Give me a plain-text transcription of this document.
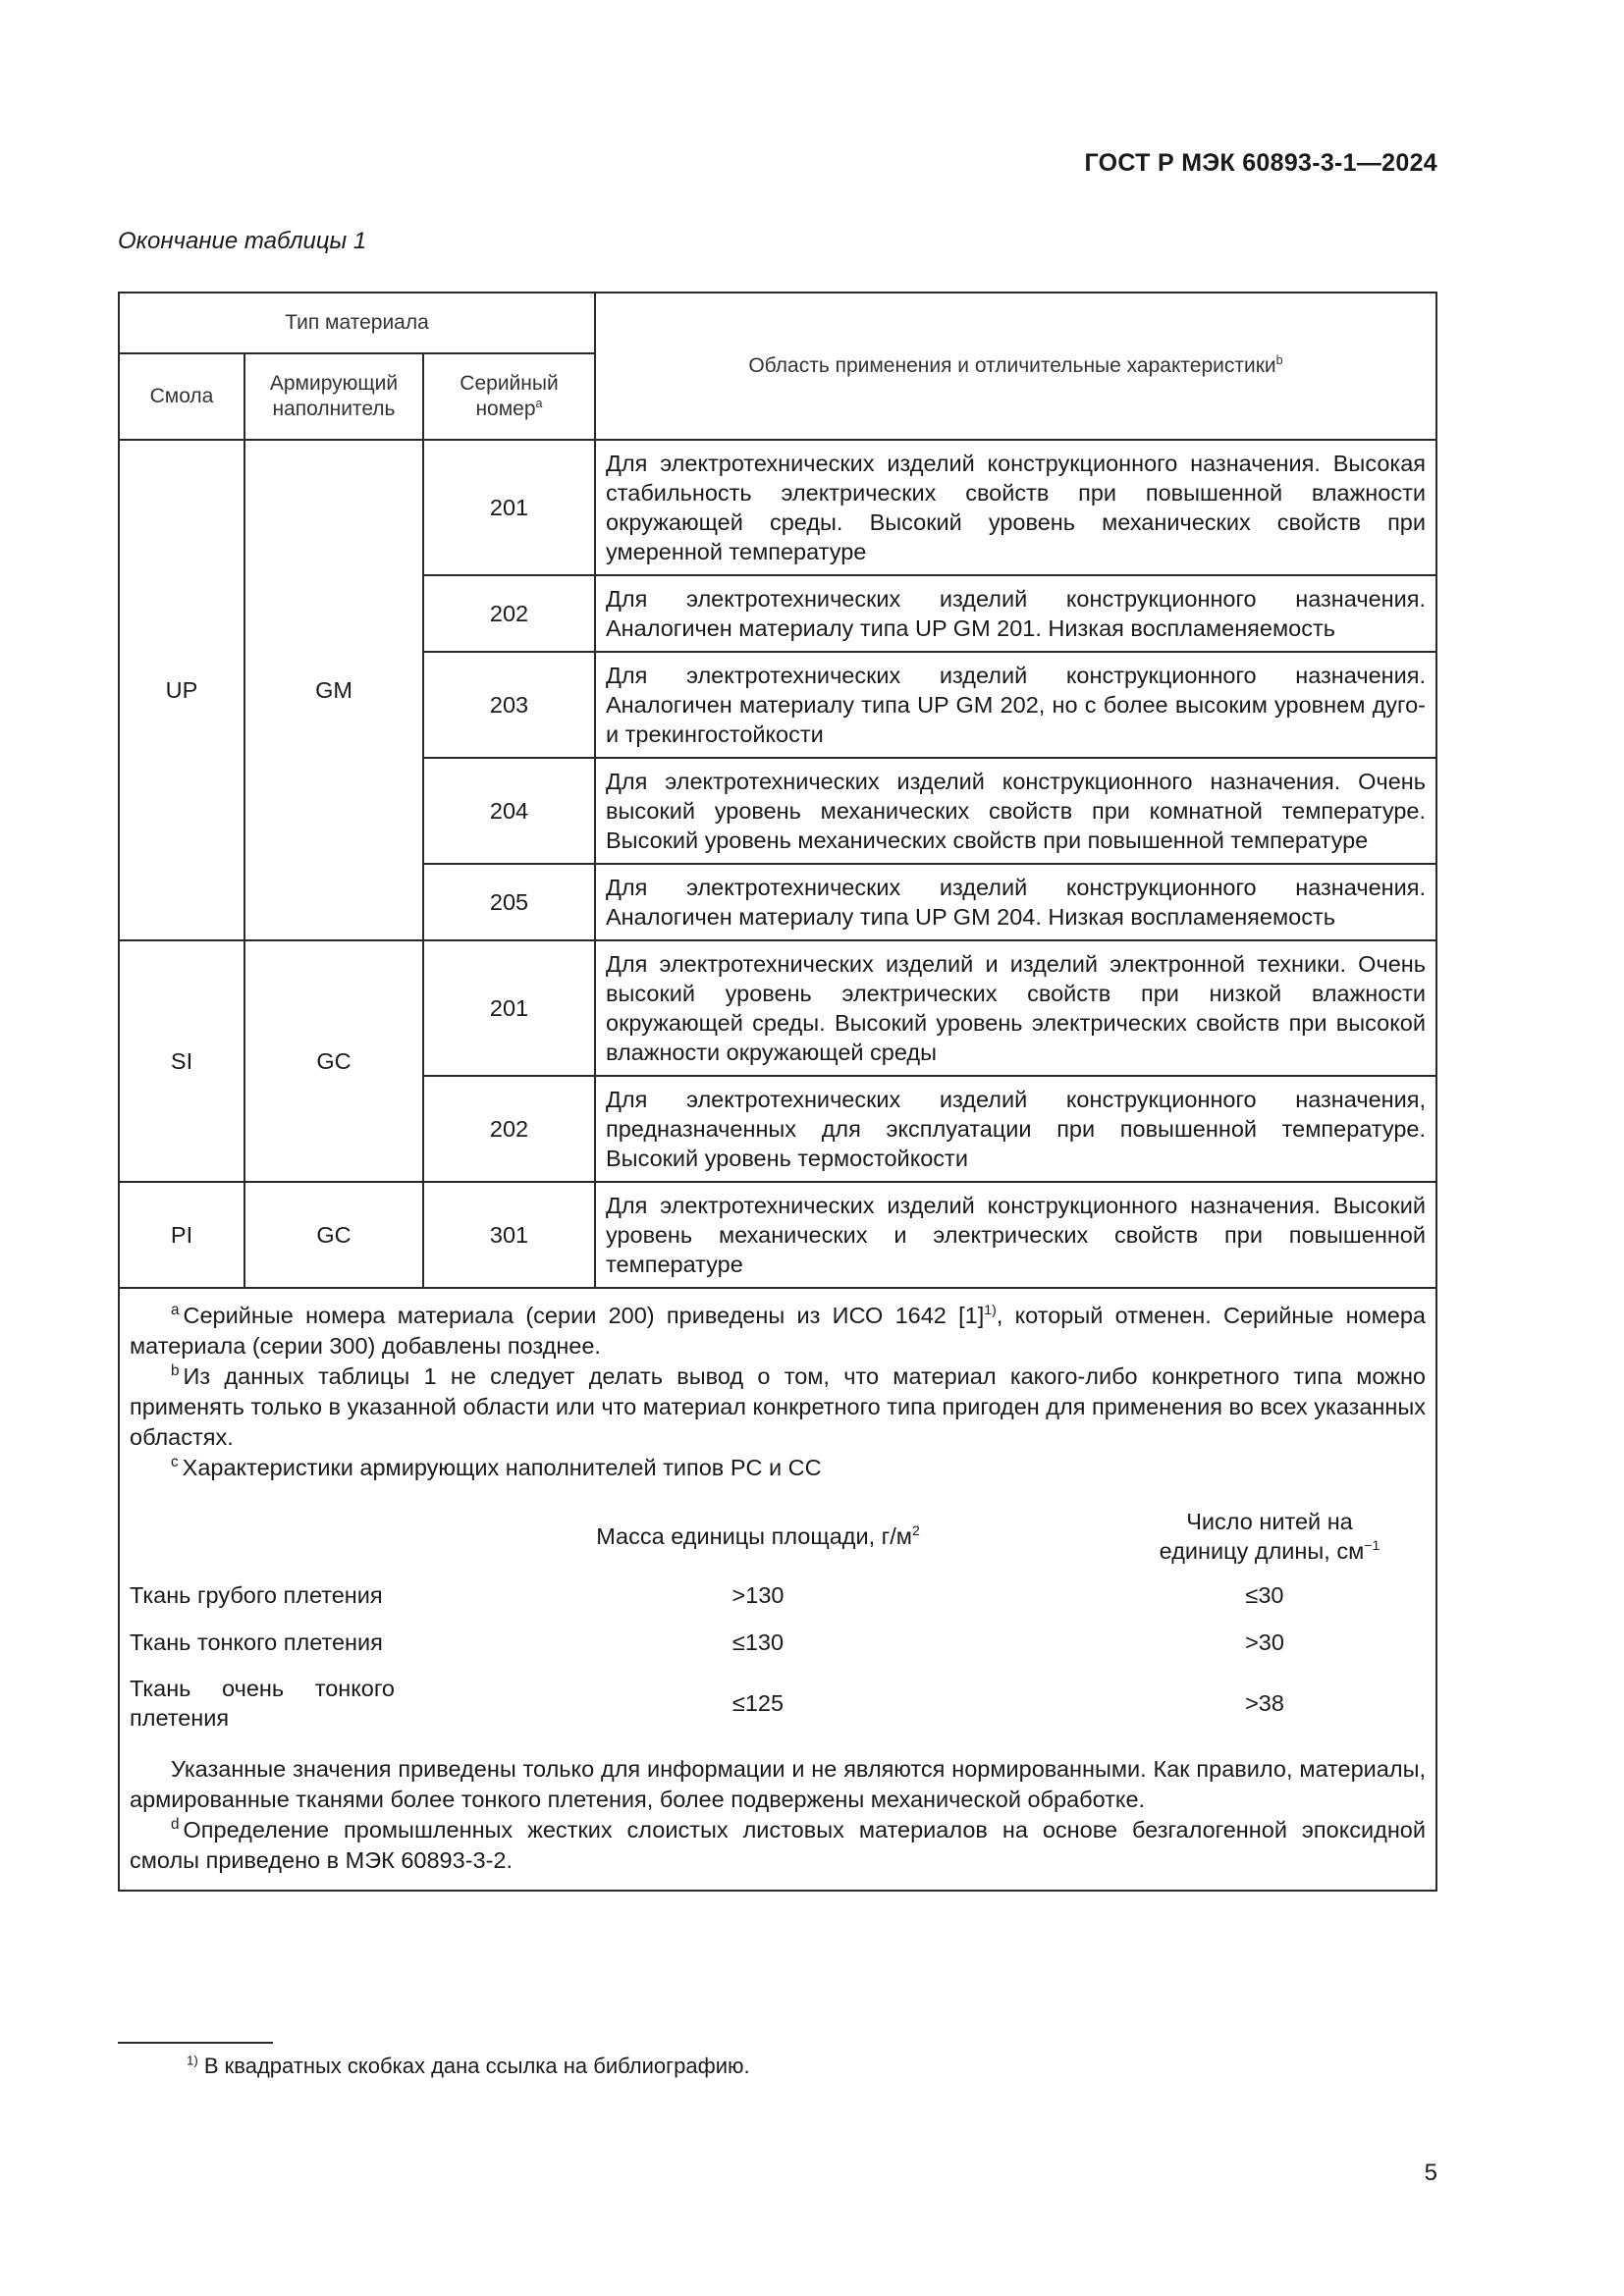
ГОСТ Р МЭК 60893-3-1—2024
Окончание таблицы 1
Тип материала	Область применения и отличительные характеристики$^b$
Смола	Армирующий наполнитель	Серийный номер$^a$
UP	GM	201	Для электротехнических изделий конструкционного назначения. Высокая стабильность электрических свойств при повышенной влажности окружающей среды. Высокий уровень механических свойств при умеренной температуре
202	Для электротехнических изделий конструкционного назначения. Аналогичен материалу типа UP GM 201. Низкая воспламеняемость
203	Для электротехнических изделий конструкционного назначения. Аналогичен материалу типа UP GM 202, но с более высоким уровнем дуго- и трекингостойкости
204	Для электротехнических изделий конструкционного назначения. Очень высокий уровень механических свойств при комнатной температуре. Высокий уровень механических свойств при повышенной температуре
205	Для электротехнических изделий конструкционного назначения. Аналогичен материалу типа UP GM 204. Низкая воспламеняемость
SI	GC	201	Для электротехнических изделий и изделий электронной техники. Очень высокий уровень электрических свойств при низкой влажности окружающей среды. Высокий уровень электрических свойств при высокой влажности окружающей среды
202	Для электротехнических изделий конструкционного назначения, предназначенных для эксплуатации при повышенной температуре. Высокий уровень термостойкости
PI	GC	301	Для электротехнических изделий конструкционного назначения. Высокий уровень механических и электрических свойств при повышенной температуре

$^a$ Серийные номера материала (серии 200) приведены из ИСО 1642 $[1]^{1)}$, который отменен. Серийные номера материала (серии 300) добавлены позднее.

$^b$ Из данных таблицы 1 не следует делать вывод о том, что материал какого-либо конкретного типа можно применять только в указанной области или что материал конкретного типа пригоден для применения во всех указанных областях.

$^c$ Характеристики армирующих наполнителей типов PC и CC

	Масса единицы площади, $г/м^2$	Число нитей на единицу длины, $см^{-1}$
Ткань грубого плетения	>130	≤30
Ткань тонкого плетения	≤130	>30
Ткань очень тонкого плетения	≤125	>38

Указанные значения приведены только для информации и не являются нормированными. Как правило, материалы, армированные тканями более тонкого плетения, более подвержены механической обработке.

$^d$ Определение промышленных жестких слоистых листовых материалов на основе безгалогенной эпоксидной смолы приведено в МЭК 60893-3-2.

$^{1)}$ В квадратных скобках дана ссылка на библиографию.
5
